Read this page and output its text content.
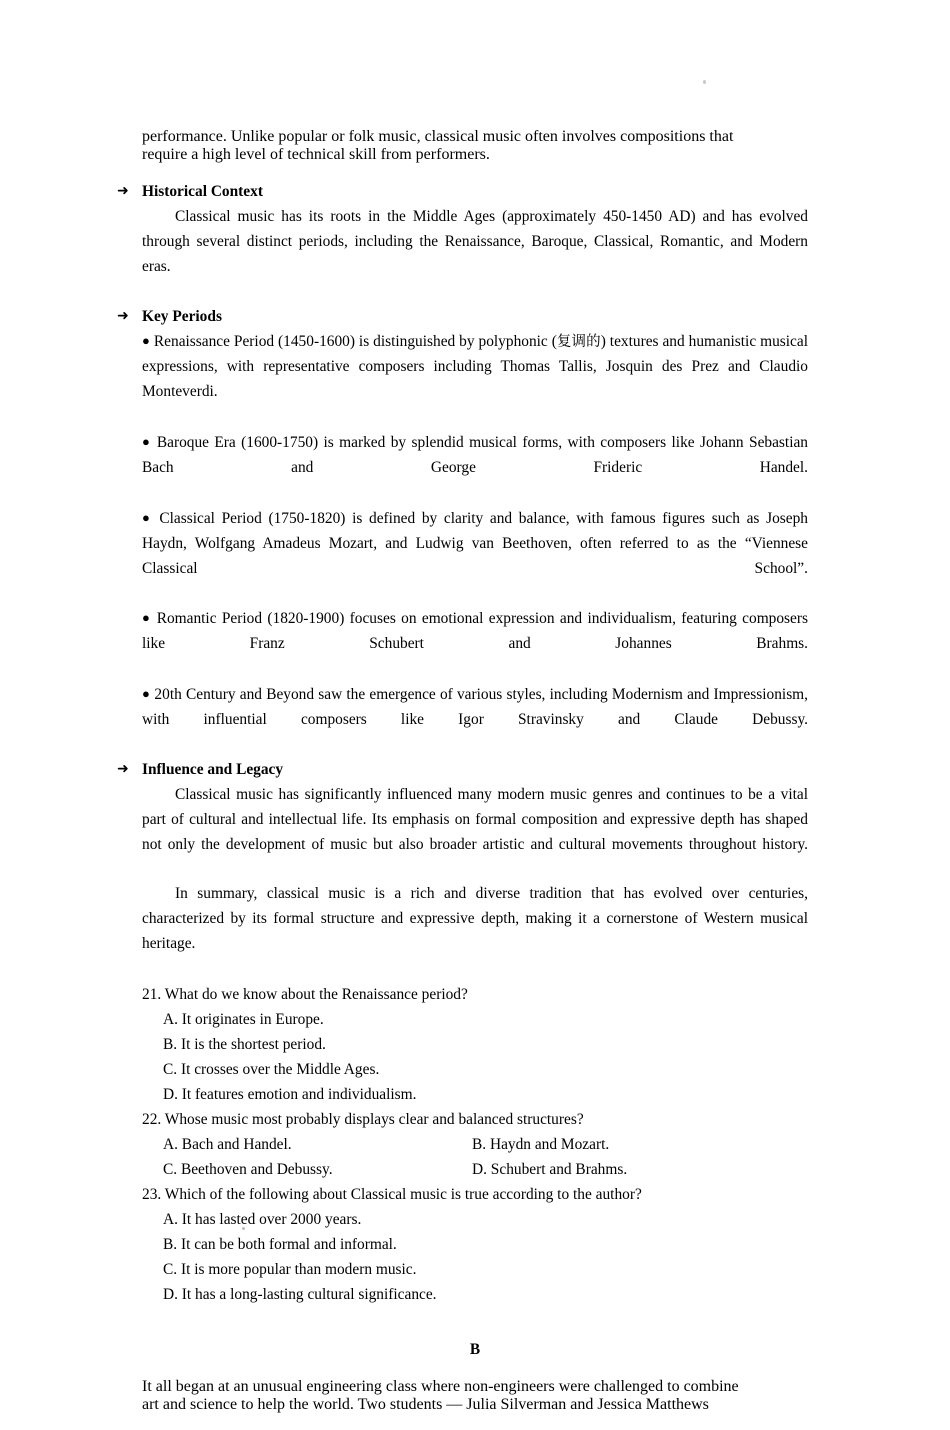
performance. Unlike popular or folk music, classical music often involves compositions that
require a high level of technical skill from performers.

➜ Historical Context

Classical music has its roots in the Middle Ages (approximately 450-1450 AD) and has evolved through several distinct periods, including the Renaissance, Baroque, Classical, Romantic, and Modern eras.

➜ Key Periods

● Renaissance Period (1450-1600) is distinguished by polyphonic (复调的) textures and humanistic musical expressions, with representative composers including Thomas Tallis, Josquin des Prez and Claudio Monteverdi.

● Baroque Era (1600-1750) is marked by splendid musical forms, with composers like Johann Sebastian Bach and George Frideric Handel.

● Classical Period (1750-1820) is defined by clarity and balance, with famous figures such as Joseph Haydn, Wolfgang Amadeus Mozart, and Ludwig van Beethoven, often referred to as the “Viennese Classical School”.

● Romantic Period (1820-1900) focuses on emotional expression and individualism, featuring composers like Franz Schubert and Johannes Brahms.

● 20th Century and Beyond saw the emergence of various styles, including Modernism and Impressionism, with influential composers like Igor Stravinsky and Claude Debussy.

➜ Influence and Legacy

Classical music has significantly influenced many modern music genres and continues to be a vital part of cultural and intellectual life. Its emphasis on formal composition and expressive depth has shaped not only the development of music but also broader artistic and cultural movements throughout history.

In summary, classical music is a rich and diverse tradition that has evolved over centuries, characterized by its formal structure and expressive depth, making it a cornerstone of Western musical heritage.

21. What do we know about the Renaissance period?

A. It originates in Europe.

B. It is the shortest period.

C. It crosses over the Middle Ages.

D. It features emotion and individualism.

22. Whose music most probably displays clear and balanced structures?

A. Bach and Handel.	B. Haydn and Mozart.
C. Beethoven and Debussy.	D. Schubert and Brahms.

23. Which of the following about Classical music is true according to the author?

A. It has lasted over 2000 years.

B. It can be both formal and informal.

C. It is more popular than modern music.

D. It has a long-lasting cultural significance.

B

It all began at an unusual engineering class where non-engineers were challenged to combine
art and science to help the world. Two students — Julia Silverman and Jessica Matthews
